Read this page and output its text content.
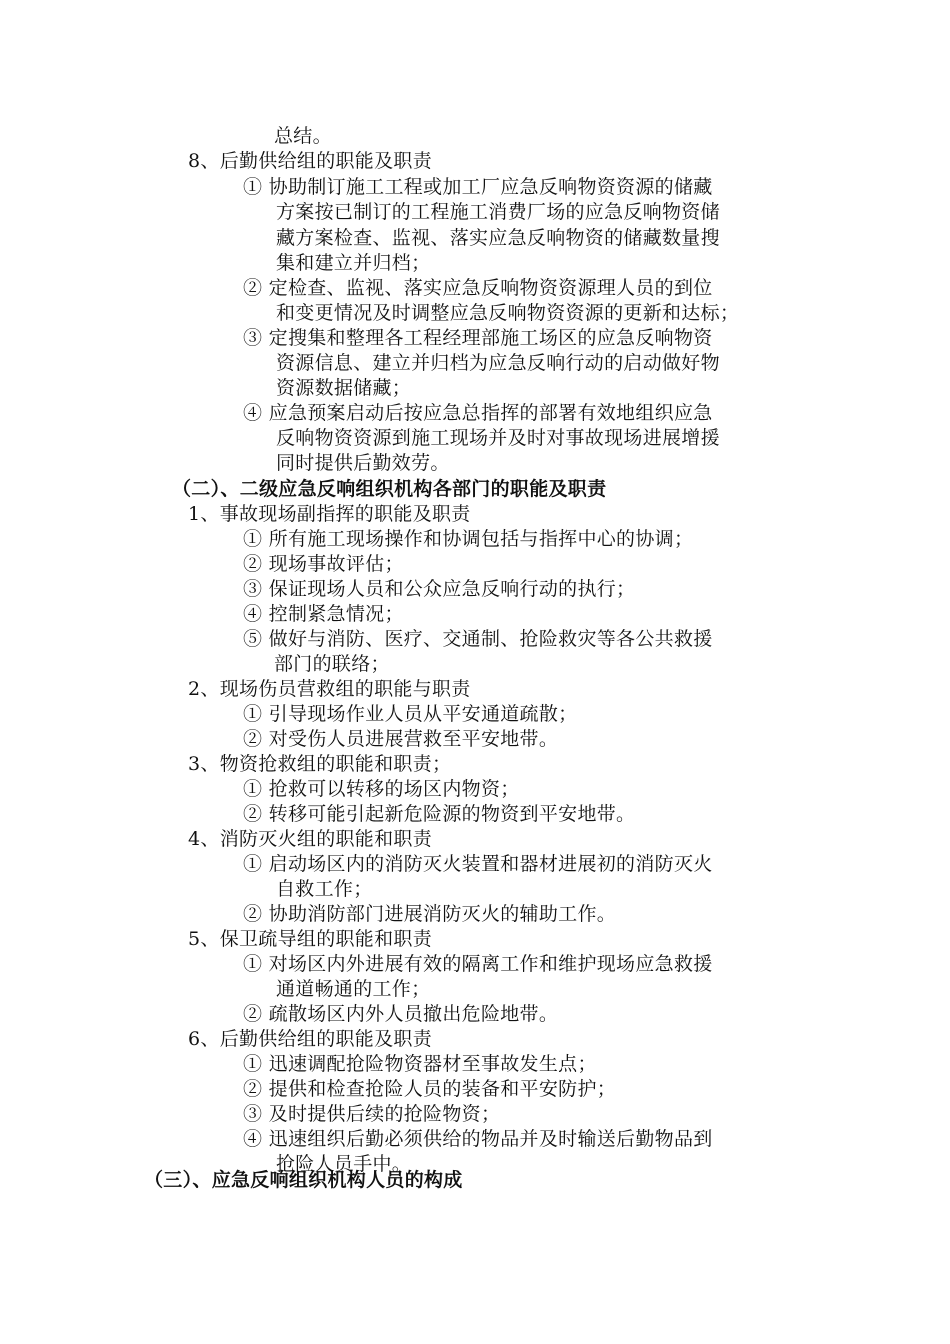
总结。
8、后勤供给组的职能及职责
① 协助制订施工工程或加工厂应急反响物资资源的储藏
方案按已制订的工程施工消费厂场的应急反响物资储
藏方案检查、监视、落实应急反响物资的储藏数量搜
集和建立并归档；
② 定检查、监视、落实应急反响物资资源理人员的到位
和变更情况及时调整应急反响物资资源的更新和达标；
③ 定搜集和整理各工程经理部施工场区的应急反响物资
资源信息、建立并归档为应急反响行动的启动做好物
资源数据储藏；
④ 应急预案启动后按应急总指挥的部署有效地组织应急
反响物资资源到施工现场并及时对事故现场进展增援
同时提供后勤效劳。
（二）、二级应急反响组织机构各部门的职能及职责
1、事故现场副指挥的职能及职责
① 所有施工现场操作和协调包括与指挥中心的协调；
② 现场事故评估；
③ 保证现场人员和公众应急反响行动的执行；
④ 控制紧急情况；
⑤ 做好与消防、医疗、交通制、抢险救灾等各公共救援
部门的联络；
2、现场伤员营救组的职能与职责
① 引导现场作业人员从平安通道疏散；
② 对受伤人员进展营救至平安地带。
3、物资抢救组的职能和职责；
① 抢救可以转移的场区内物资；
② 转移可能引起新危险源的物资到平安地带。
4、消防灭火组的职能和职责
① 启动场区内的消防灭火装置和器材进展初的消防灭火
自救工作；
② 协助消防部门进展消防灭火的辅助工作。
5、保卫疏导组的职能和职责
① 对场区内外进展有效的隔离工作和维护现场应急救援
通道畅通的工作；
② 疏散场区内外人员撤出危险地带。
6、后勤供给组的职能及职责
① 迅速调配抢险物资器材至事故发生点；
② 提供和检查抢险人员的装备和平安防护；
③ 及时提供后续的抢险物资；
④ 迅速组织后勤必须供给的物品并及时输送后勤物品到
抢险人员手中。
（三）、应急反响组织机构人员的构成
